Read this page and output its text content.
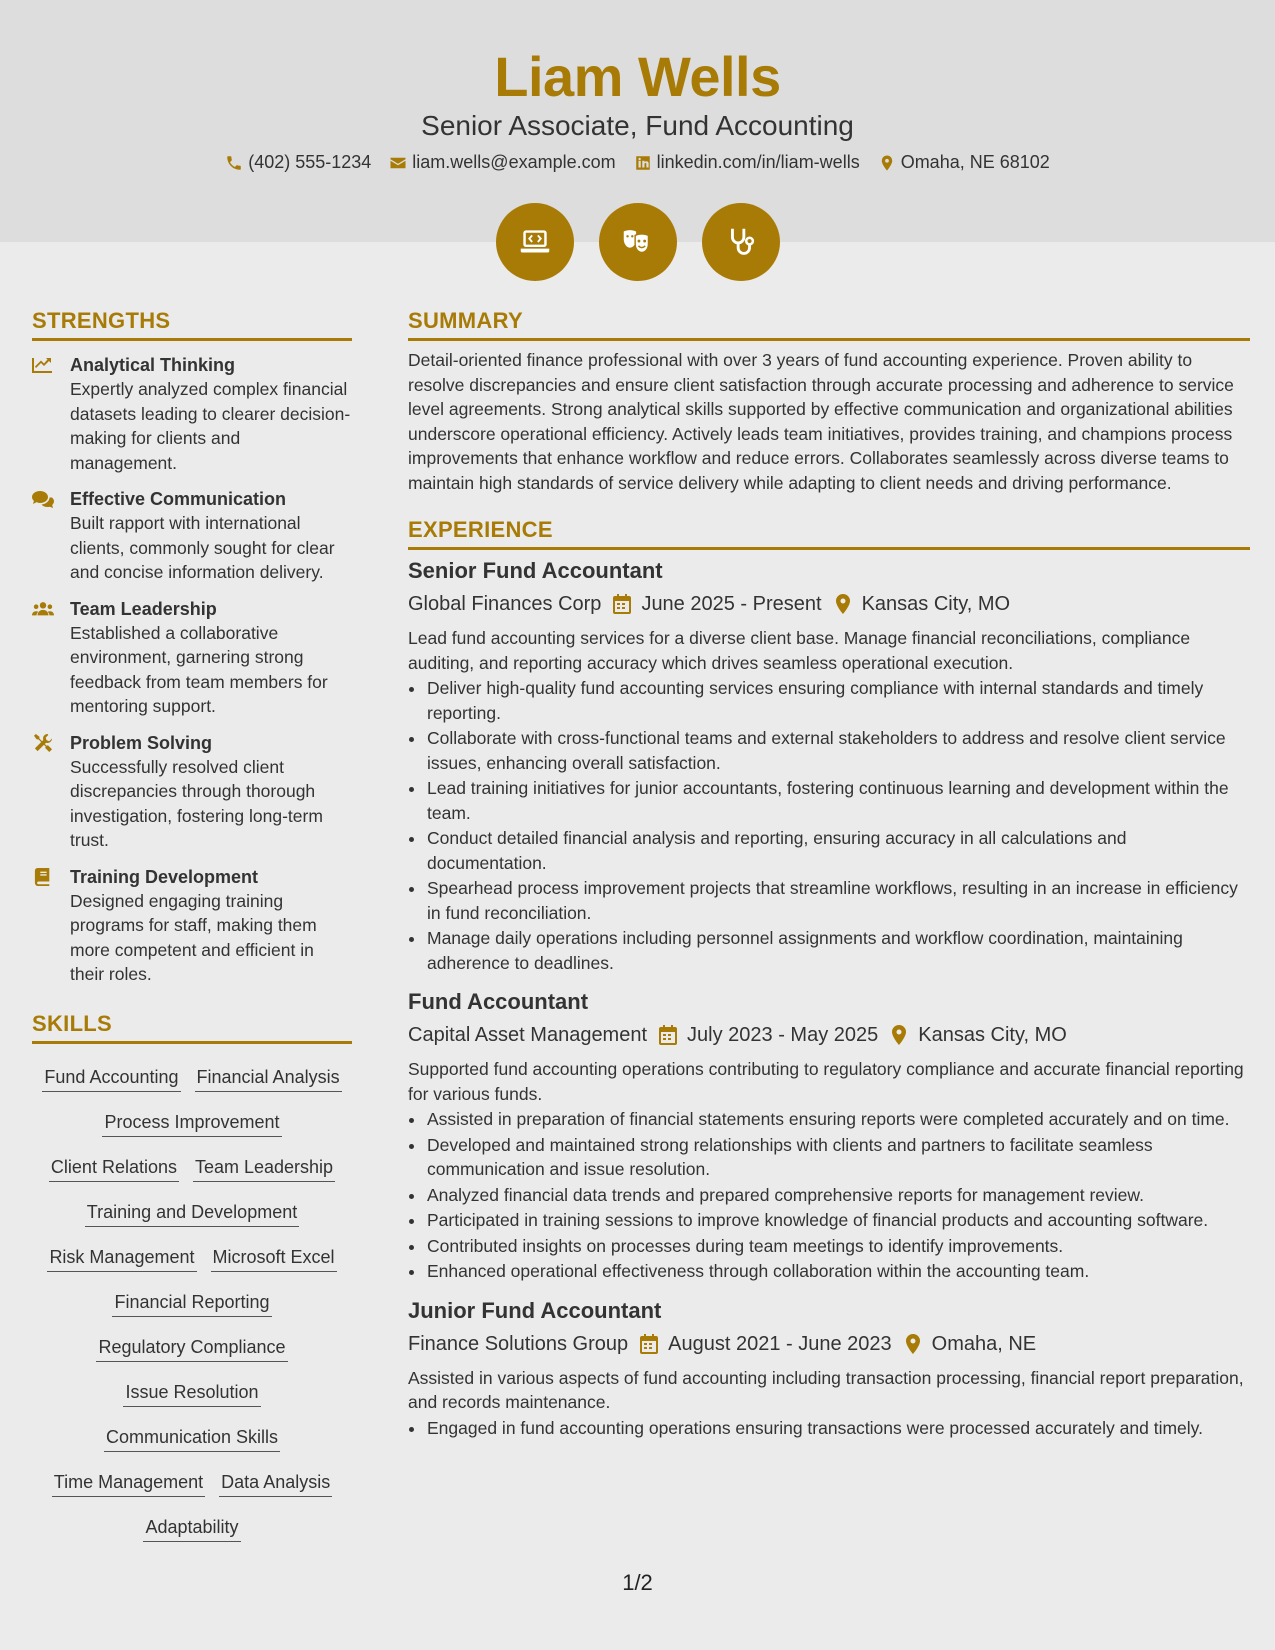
Liam Wells
Senior Associate, Fund Accounting
(402) 555-1234 liam.wells@example.com linkedin.com/in/liam-wells Omaha, NE 68102
STRENGTHS
Analytical Thinking
Expertly analyzed complex financial datasets leading to clearer decision-making for clients and management.
Effective Communication
Built rapport with international clients, commonly sought for clear and concise information delivery.
Team Leadership
Established a collaborative environment, garnering strong feedback from team members for mentoring support.
Problem Solving
Successfully resolved client discrepancies through thorough investigation, fostering long-term trust.
Training Development
Designed engaging training programs for staff, making them more competent and efficient in their roles.
SKILLS
Fund Accounting Financial Analysis
Process Improvement
Client Relations Team Leadership
Training and Development
Risk Management Microsoft Excel
Financial Reporting
Regulatory Compliance
Issue Resolution
Communication Skills
Time Management Data Analysis
Adaptability
SUMMARY
Detail-oriented finance professional with over 3 years of fund accounting experience. Proven ability to resolve discrepancies and ensure client satisfaction through accurate processing and adherence to service level agreements. Strong analytical skills supported by effective communication and organizational abilities underscore operational efficiency. Actively leads team initiatives, provides training, and champions process improvements that enhance workflow and reduce errors. Collaborates seamlessly across diverse teams to maintain high standards of service delivery while adapting to client needs and driving performance.
EXPERIENCE
Senior Fund Accountant
Global Finances Corp June 2025 - Present Kansas City, MO
Lead fund accounting services for a diverse client base. Manage financial reconciliations, compliance auditing, and reporting accuracy which drives seamless operational execution.
• Deliver high-quality fund accounting services ensuring compliance with internal standards and timely reporting.
• Collaborate with cross-functional teams and external stakeholders to address and resolve client service issues, enhancing overall satisfaction.
• Lead training initiatives for junior accountants, fostering continuous learning and development within the team.
• Conduct detailed financial analysis and reporting, ensuring accuracy in all calculations and documentation.
• Spearhead process improvement projects that streamline workflows, resulting in an increase in efficiency in fund reconciliation.
• Manage daily operations including personnel assignments and workflow coordination, maintaining adherence to deadlines.
Fund Accountant
Capital Asset Management July 2023 - May 2025 Kansas City, MO
Supported fund accounting operations contributing to regulatory compliance and accurate financial reporting for various funds.
• Assisted in preparation of financial statements ensuring reports were completed accurately and on time.
• Developed and maintained strong relationships with clients and partners to facilitate seamless communication and issue resolution.
• Analyzed financial data trends and prepared comprehensive reports for management review.
• Participated in training sessions to improve knowledge of financial products and accounting software.
• Contributed insights on processes during team meetings to identify improvements.
• Enhanced operational effectiveness through collaboration within the accounting team.
Junior Fund Accountant
Finance Solutions Group August 2021 - June 2023 Omaha, NE
Assisted in various aspects of fund accounting including transaction processing, financial report preparation, and records maintenance.
• Engaged in fund accounting operations ensuring transactions were processed accurately and timely.
1/2
